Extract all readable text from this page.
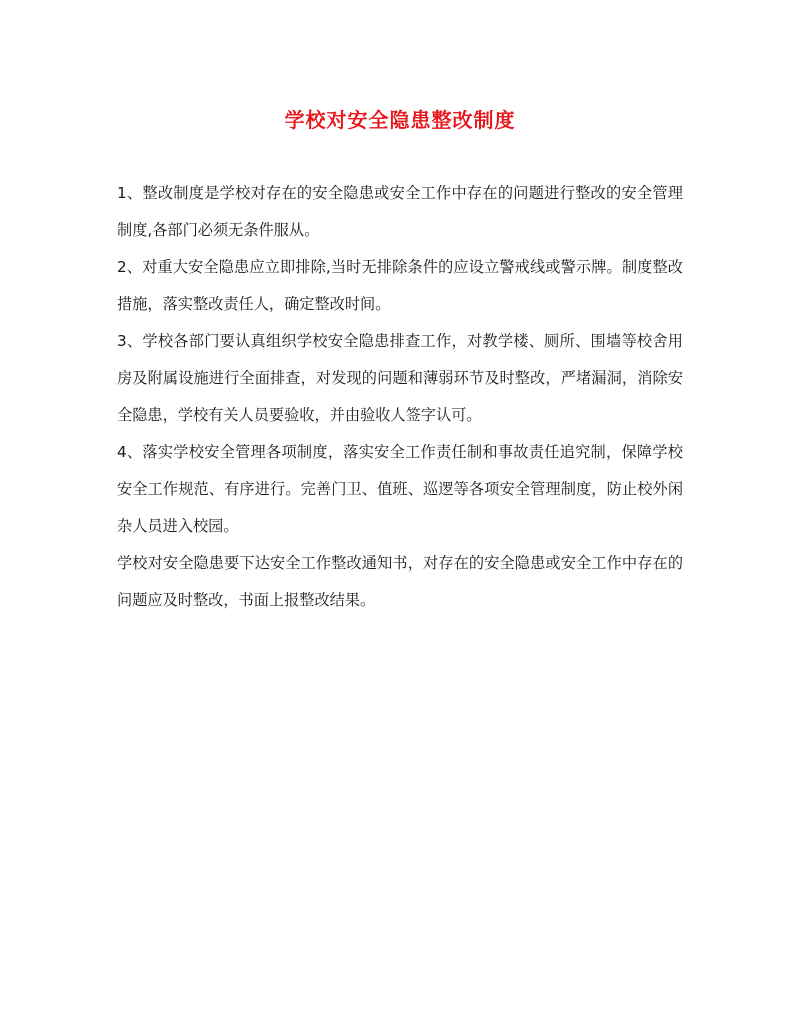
学校对安全隐患整改制度

1、整改制度是学校对存在的安全隐患或安全工作中存在的问题进行整改的安全管理制度,各部门必须无条件服从。

2、对重大安全隐患应立即排除,当时无排除条件的应设立警戒线或警示牌。制度整改措施，落实整改责任人，确定整改时间。

3、学校各部门要认真组织学校安全隐患排查工作，对教学楼、厕所、围墙等校舍用房及附属设施进行全面排查，对发现的问题和薄弱环节及时整改，严堵漏洞，消除安全隐患，学校有关人员要验收，并由验收人签字认可。

4、落实学校安全管理各项制度，落实安全工作责任制和事故责任追究制，保障学校安全工作规范、有序进行。完善门卫、值班、巡逻等各项安全管理制度，防止校外闲杂人员进入校园。

学校对安全隐患要下达安全工作整改通知书，对存在的安全隐患或安全工作中存在的问题应及时整改，书面上报整改结果。
